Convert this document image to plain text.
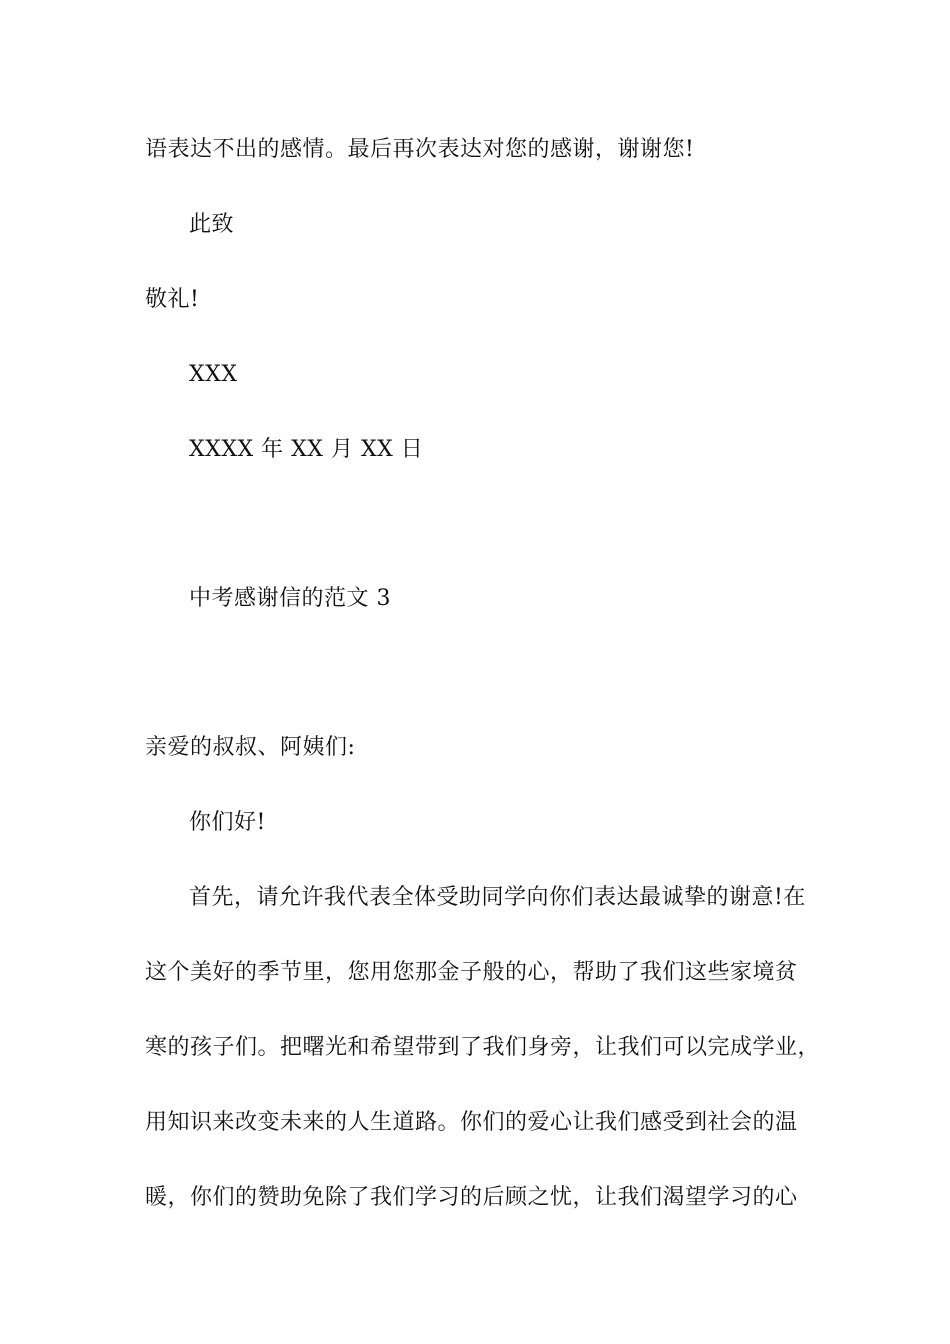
语表达不出的感情。最后再次表达对您的感谢，谢谢您!
此致
敬礼!
XXX
XXXX 年 XX 月 XX 日
中考感谢信的范文 3
亲爱的叔叔、阿姨们:
你们好!
首先，请允许我代表全体受助同学向你们表达最诚挚的谢意!在
这个美好的季节里，您用您那金子般的心，帮助了我们这些家境贫
寒的孩子们。把曙光和希望带到了我们身旁，让我们可以完成学业，
用知识来改变未来的人生道路。你们的爱心让我们感受到社会的温
暖，你们的赞助免除了我们学习的后顾之忧，让我们渴望学习的心
